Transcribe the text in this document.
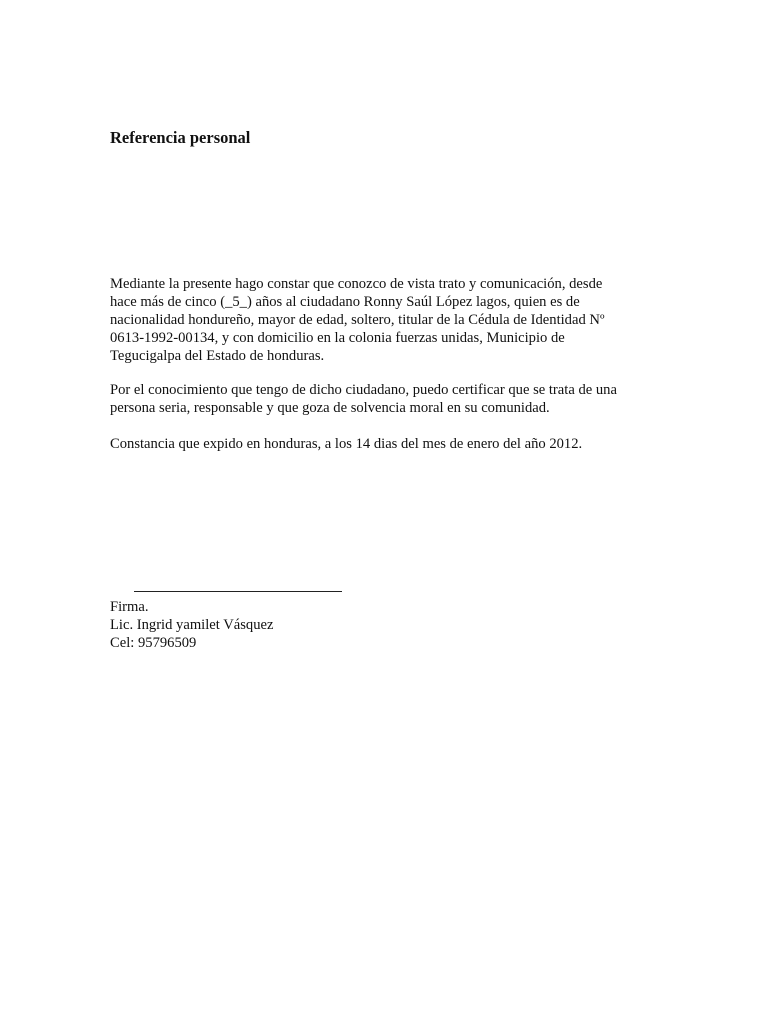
Referencia personal

Mediante la presente hago constar que conozco de vista trato y comunicación, desde
hace más de cinco (_5_) años al ciudadano Ronny Saúl López lagos, quien es de
nacionalidad hondureño, mayor de edad, soltero, titular de la Cédula de Identidad Nº
0613-1992-00134, y con domicilio en la colonia fuerzas unidas, Municipio de
Tegucigalpa del Estado de honduras.

Por el conocimiento que tengo de dicho ciudadano, puedo certificar que se trata de una
persona seria, responsable y que goza de solvencia moral en su comunidad.

Constancia que expido en honduras, a los 14 dias del mes de enero del año 2012.

Firma.
Lic. Ingrid yamilet Vásquez
Cel: 95796509
